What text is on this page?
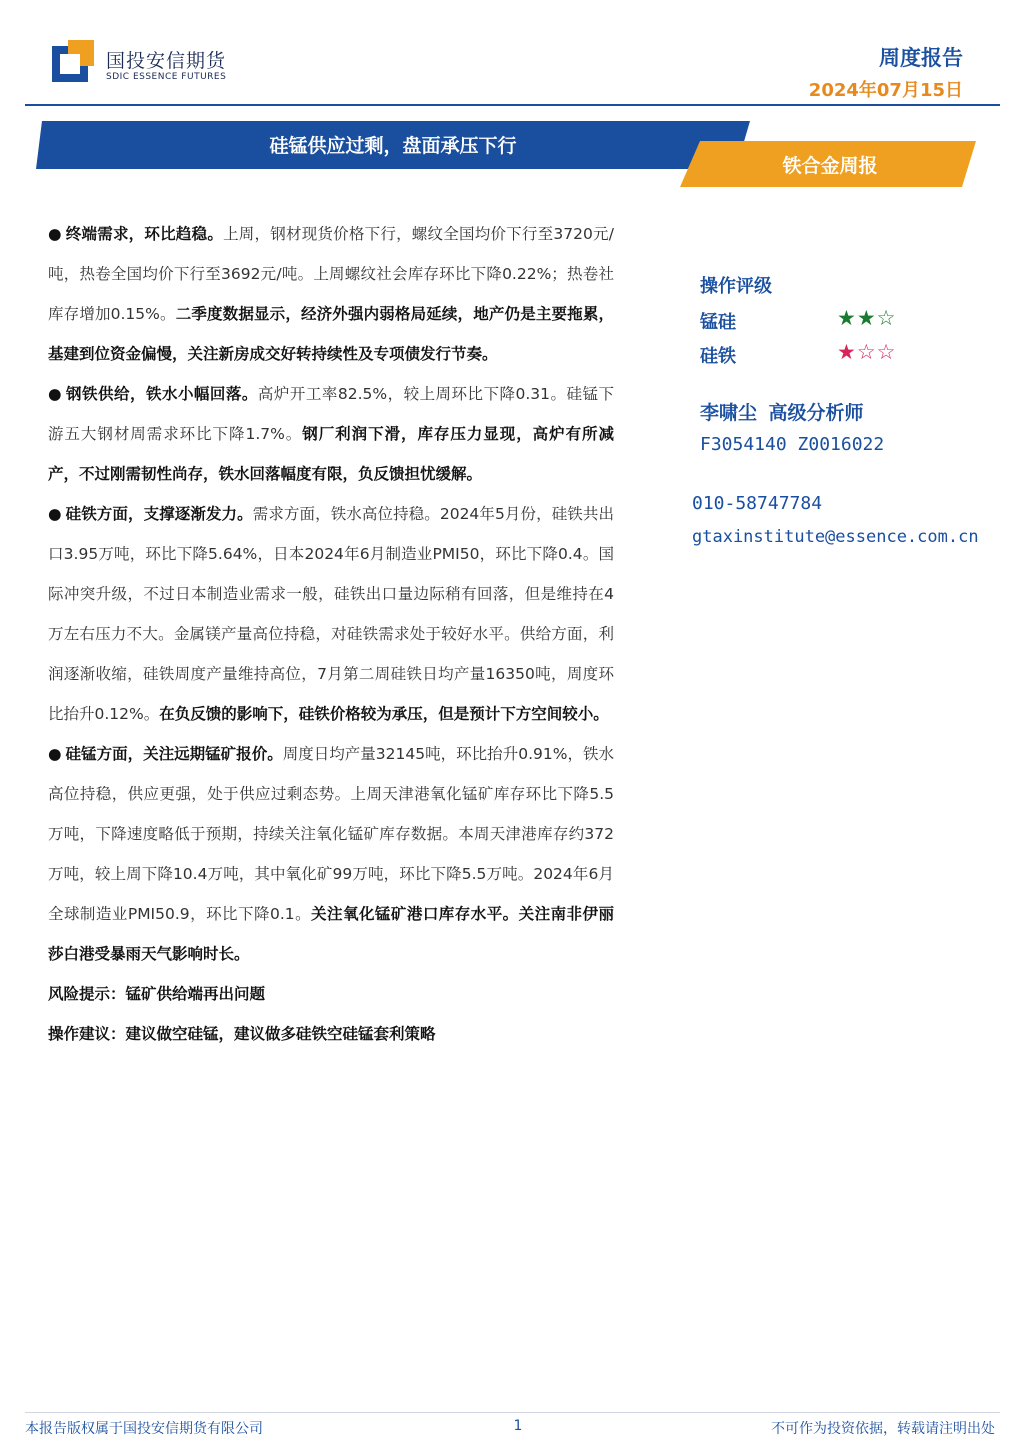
国投安信期货
SDIC ESSENCE FUTURES
周度报告
2024年07月15日
硅锰供应过剩，盘面承压下行
铁合金周报

● 终端需求，环比趋稳。上周，钢材现货价格下行，螺纹全国均价下行至3720元/吨，热卷全国均价下行至3692元/吨。上周螺纹社会库存环比下降0.22%；热卷社库存增加0.15%。二季度数据显示，经济外强内弱格局延续，地产仍是主要拖累，基建到位资金偏慢，关注新房成交好转持续性及专项债发行节奏。

● 钢铁供给，铁水小幅回落。高炉开工率82.5%，较上周环比下降0.31。硅锰下游五大钢材周需求环比下降1.7%。钢厂利润下滑，库存压力显现，高炉有所减产，不过刚需韧性尚存，铁水回落幅度有限，负反馈担忧缓解。

● 硅铁方面，支撑逐渐发力。需求方面，铁水高位持稳。2024年5月份，硅铁共出口3.95万吨，环比下降5.64%，日本2024年6月制造业PMI50，环比下降0.4。国际冲突升级，不过日本制造业需求一般，硅铁出口量边际稍有回落，但是维持在4万左右压力不大。金属镁产量高位持稳，对硅铁需求处于较好水平。供给方面，利润逐渐收缩，硅铁周度产量维持高位，7月第二周硅铁日均产量16350吨，周度环比抬升0.12%。在负反馈的影响下，硅铁价格较为承压，但是预计下方空间较小。

● 硅锰方面，关注远期锰矿报价。周度日均产量32145吨，环比抬升0.91%，铁水高位持稳，供应更强，处于供应过剩态势。上周天津港氧化锰矿库存环比下降5.5万吨，下降速度略低于预期，持续关注氧化锰矿库存数据。本周天津港库存约372万吨，较上周下降10.4万吨，其中氧化矿99万吨，环比下降5.5万吨。2024年6月全球制造业PMI50.9，环比下降0.1。关注氧化锰矿港口库存水平。关注南非伊丽莎白港受暴雨天气影响时长。

风险提示：锰矿供给端再出问题

操作建议：建议做空硅锰，建议做多硅铁空硅锰套利策略

操作评级
锰硅	★★☆
硅铁	★☆☆
李啸尘 高级分析师
F3054140 Z0016022
010-58747784
gtaxinstitute@essence.com.cn
本报告版权属于国投安信期货有限公司	1	不可作为投资依据，转载请注明出处
